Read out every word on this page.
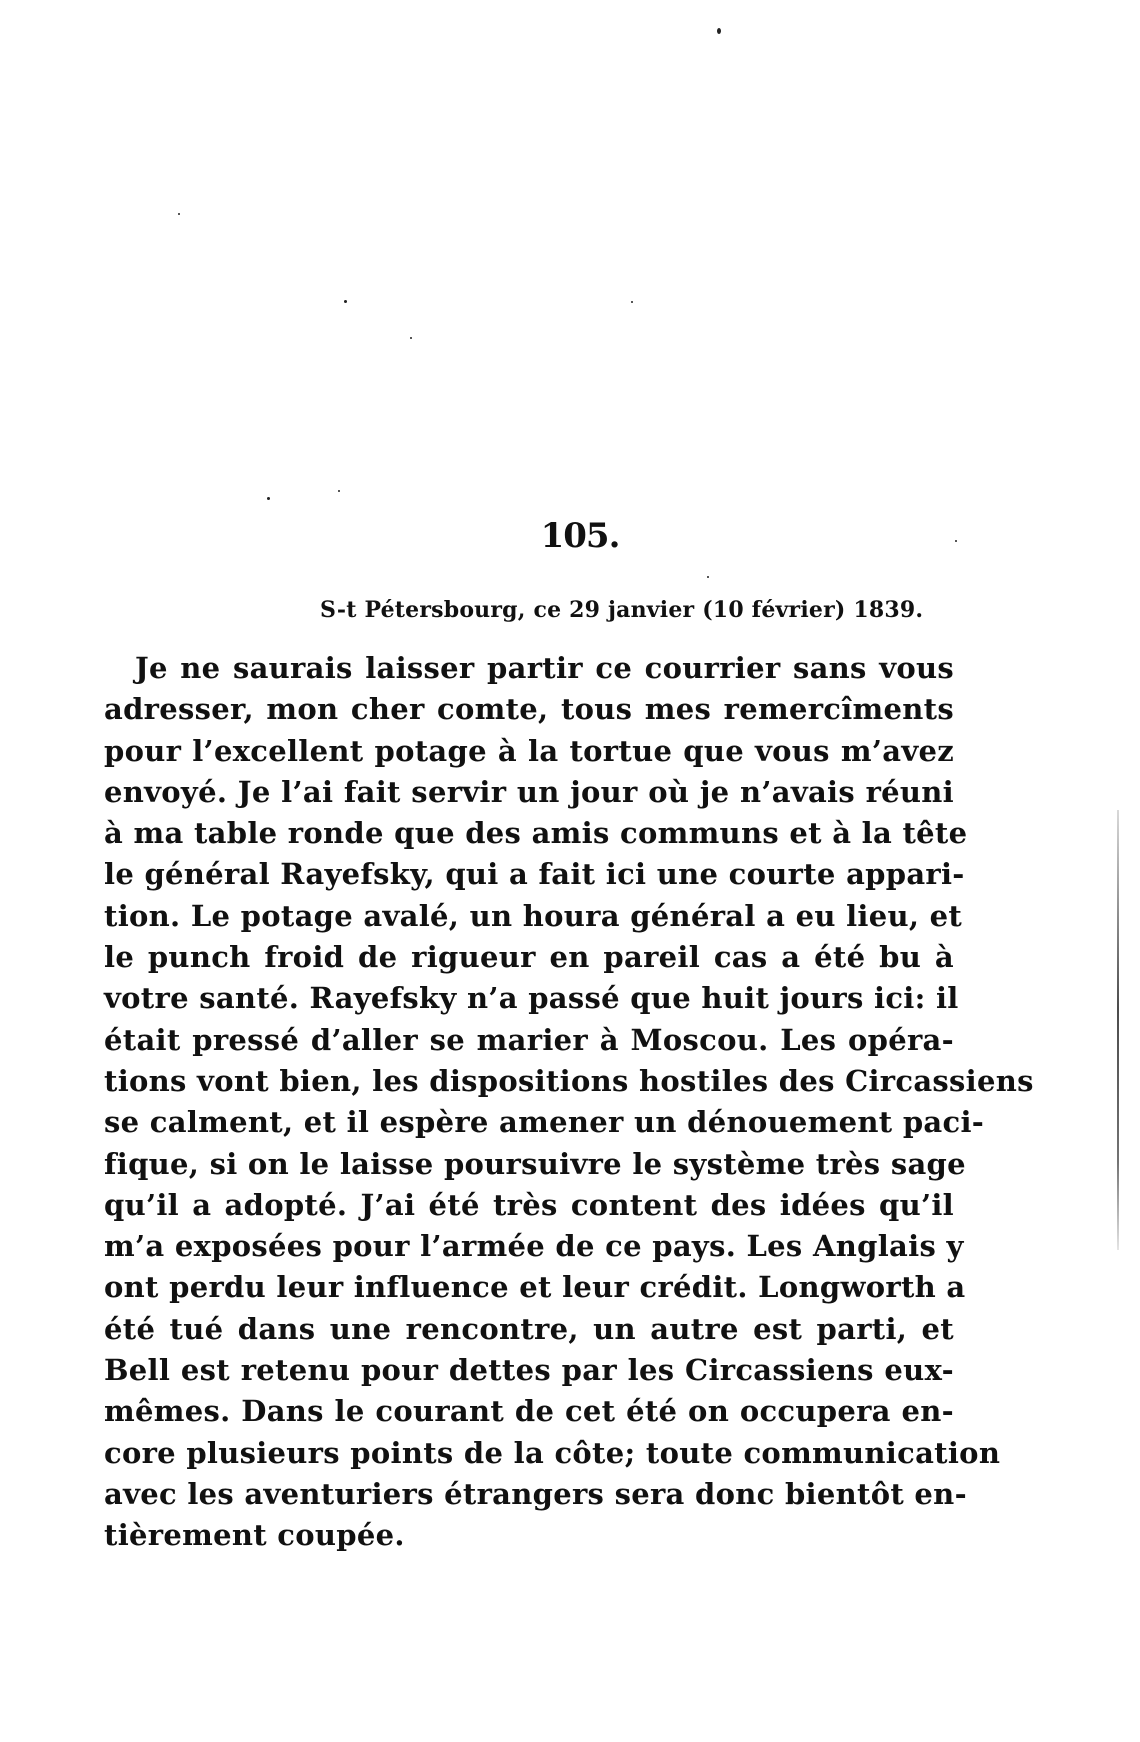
105.
S-t Pétersbourg, ce 29 janvier (10 février) 1839.
Je ne saurais laisser partir ce courrier sans vous
adresser, mon cher comte, tous mes remercîments
pour l’excellent potage à la tortue que vous m’avez
envoyé. Je l’ai fait servir un jour où je n’avais réuni
à ma table ronde que des amis communs et à la tête
le général Rayefsky, qui a fait ici une courte appari-
tion. Le potage avalé, un houra général a eu lieu, et
le punch froid de rigueur en pareil cas a été bu à
votre santé. Rayefsky n’a passé que huit jours ici: il
était pressé d’aller se marier à Moscou. Les opéra-
tions vont bien, les dispositions hostiles des Circassiens
se calment, et il espère amener un dénouement paci-
fique, si on le laisse poursuivre le système très sage
qu’il a adopté. J’ai été très content des idées qu’il
m’a exposées pour l’armée de ce pays. Les Anglais y
ont perdu leur influence et leur crédit. Longworth a
été tué dans une rencontre, un autre est parti, et
Bell est retenu pour dettes par les Circassiens eux-
mêmes. Dans le courant de cet été on occupera en-
core plusieurs points de la côte; toute communication
avec les aventuriers étrangers sera donc bientôt en-
tièrement coupée.
